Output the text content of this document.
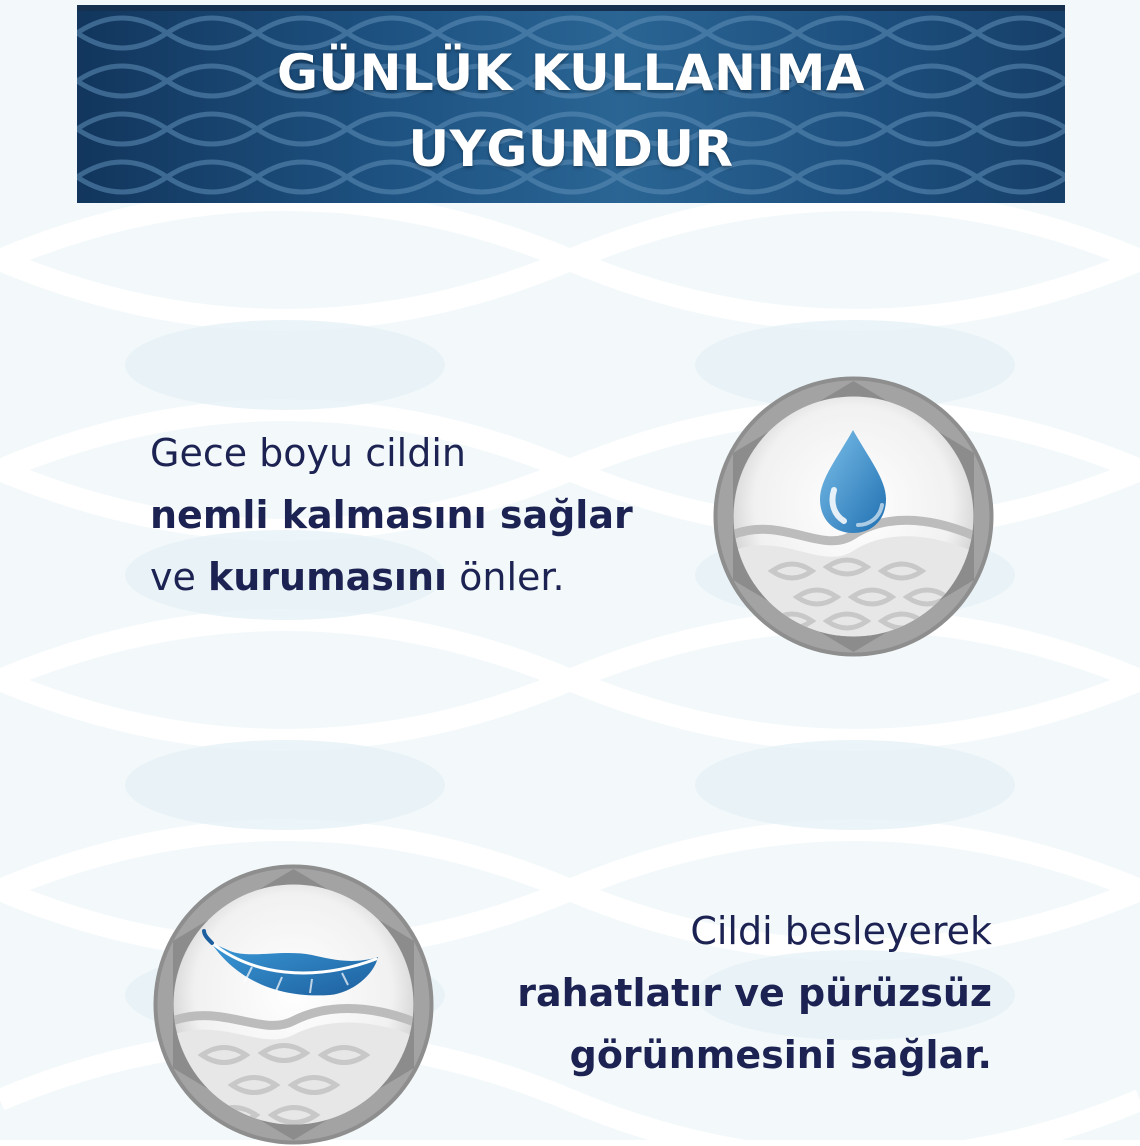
GÜNLÜK KULLANIMA
UYGUNDUR
Gece boyu cildin
nemli kalmasını sağlar
ve kurumasını önler.
Cildi besleyerek
rahatlatır ve pürüzsüz
görünmesini sağlar.
